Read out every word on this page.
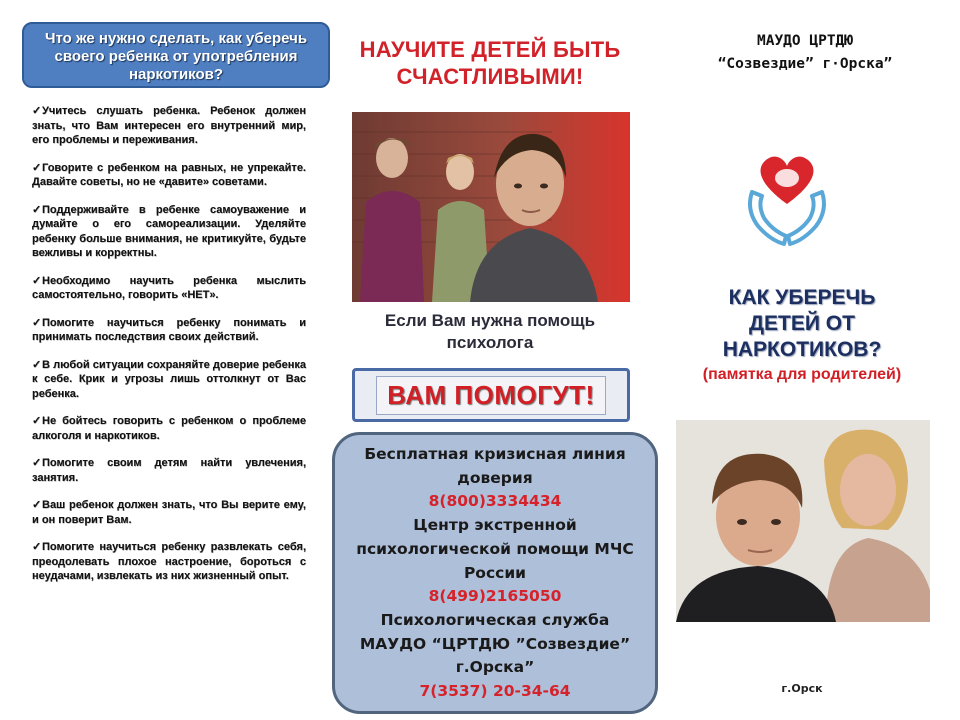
Что же нужно сделать, как уберечь своего ребенка от употребления наркотиков?
✓Учитесь слушать ребенка. Ребенок должен знать, что Вам интересен его внутренний мир, его проблемы и переживания.
✓Говорите с ребенком на равных, не упрекайте. Давайте советы, но не «давите» советами.
✓Поддерживайте в ребенке самоуважение и думайте о его самореализации. Уделяйте ребенку больше внимания, не критикуйте, будьте вежливы и корректны.
✓Необходимо научить ребенка мыслить самостоятельно, говорить «НЕТ».
✓Помогите научиться ребенку понимать и принимать последствия своих действий.
✓В любой ситуации сохраняйте доверие ребенка к себе. Крик и угрозы лишь оттолкнут от Вас ребенка.
✓Не бойтесь говорить с ребенком о проблеме алкоголя и наркотиков.
✓Помогите своим детям найти увлечения, занятия.
✓Ваш ребенок должен знать, что Вы верите ему, и он поверит Вам.
✓Помогите научиться ребенку развлекать себя, преодолевать плохое настроение, бороться с неудачами, извлекать из них жизненный опыт.
НАУЧИТЕ ДЕТЕЙ БЫТЬ
СЧАСТЛИВЫМИ!
Если Вам нужна помощь
психолога
ВАМ ПОМОГУТ!
Бесплатная кризисная линия
доверия
8(800)3334434
Центр экстренной
психологической помощи МЧС
России
8(499)2165050
Психологическая служба
МАУДО “ЦРТДЮ ”Созвездие”
г.Орска”
7(3537) 20-34-64
МАУДО ЦРТДЮ
“Созвездие” г·Орска”
КАК УБЕРЕЧЬ
ДЕТЕЙ ОТ
НАРКОТИКОВ?
(памятка для родителей)
г.Орск
